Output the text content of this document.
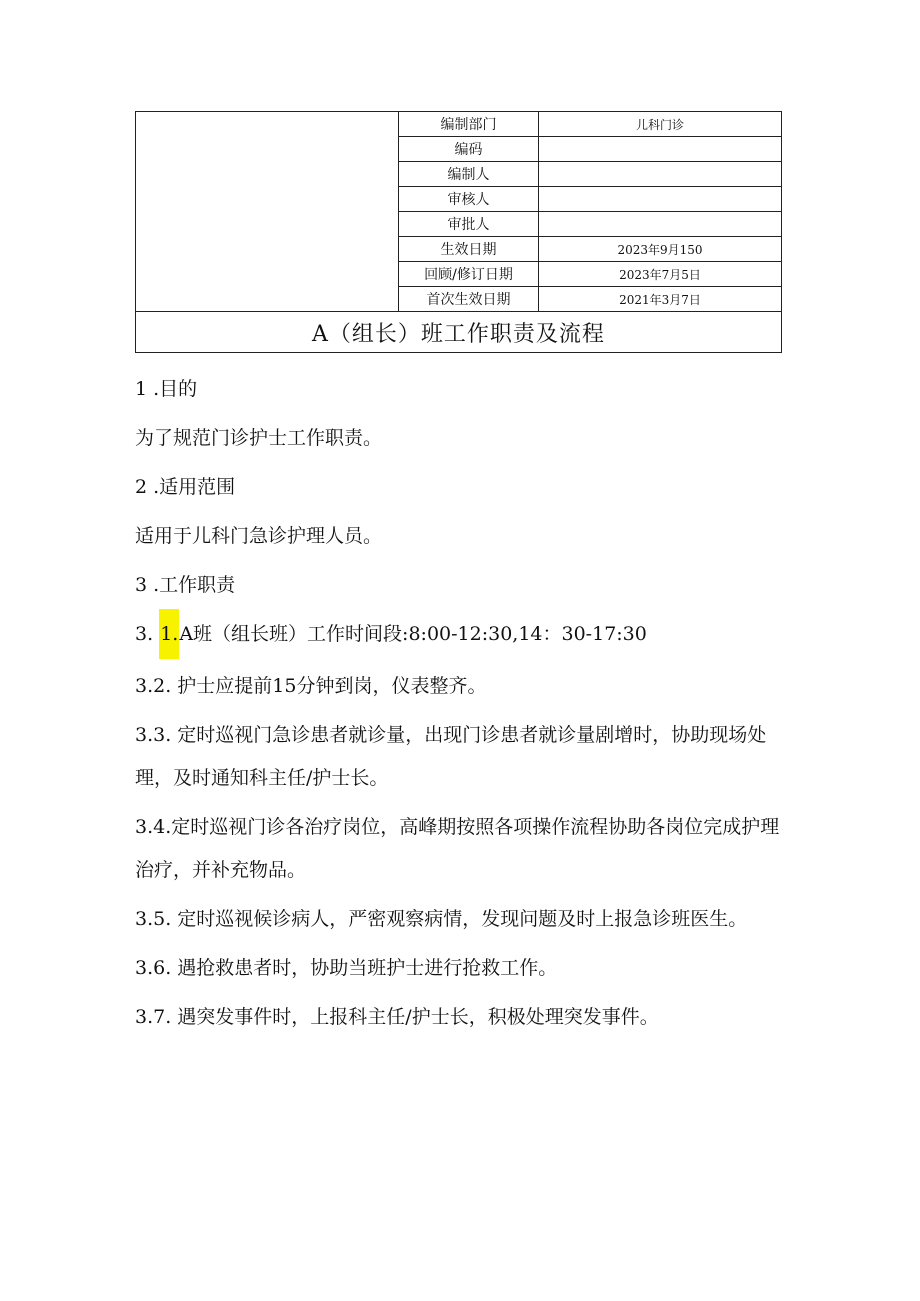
	编制部门	儿科门诊
	编码	
	编制人	
	审核人	
	审批人	
	生效日期	2023年9月150
	回顾/修订日期	2023年7月5日
	首次生效日期	2021年3月7日
A（组长）班工作职责及流程		

1 .目的

为了规范门诊护士工作职责。

2 .适用范围

适用于儿科门急诊护理人员。

3 .工作职责

3. 1.A班（组长班）工作时间段:8:00-12:30,14：30-17:30

3.2. 护士应提前15分钟到岗，仪表整齐。

3.3. 定时巡视门急诊患者就诊量，出现门诊患者就诊量剧增时，协助现场处理，及时通知科主任/护士长。

3.4.定时巡视门诊各治疗岗位，高峰期按照各项操作流程协助各岗位完成护理治疗，并补充物品。

3.5. 定时巡视候诊病人，严密观察病情，发现问题及时上报急诊班医生。

3.6. 遇抢救患者时，协助当班护士进行抢救工作。

3.7. 遇突发事件时，上报科主任/护士长，积极处理突发事件。
